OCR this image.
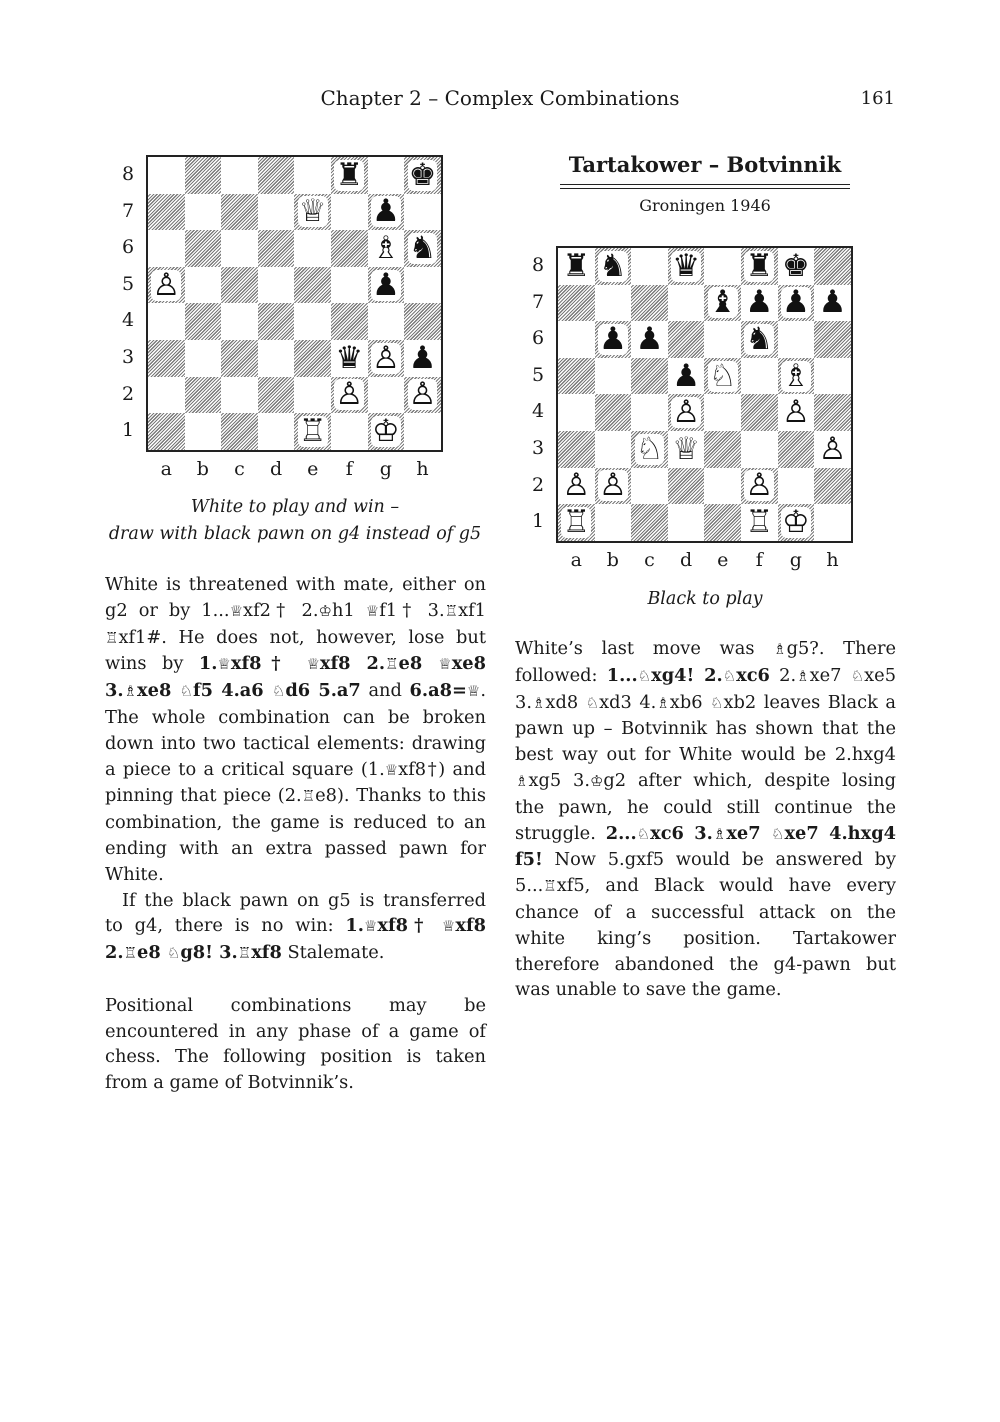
Chapter 2 – Complex Combinations	161
♜ ♚
♕ ♟
♗ ♞
♙	♟
♛ ♙ ♟
♙ ♙
♖ ♔
8
7
6
5
4
3
2
1
a	b	c	d	e	f	g	h
White to play and win –
draw with black pawn on g4 instead of g5
Tartakower – Botvinnik
Groningen 1946
♜ ♞ ♛ ♜ ♚
♝ ♟ ♟ ♟
♟ ♟	♞
♟ ♘ ♗
♙	♙
♘ ♕	♙
♙ ♙	♙
♖	♖ ♔
8
7
6
5
4
3
2
1
a	b	c	d	e	f	g	h
Black to play

White is threatened with mate, either on g2 or by 1...♕xf2† 2.♔h1 ♕f1† 3.♖xf1 ♖xf1#. He does not, however, lose but wins by 1.♕xf8† ♕xf8 2.♖e8 ♕xe8 3.♗xe8 ♘f5 4.a6 ♘d6 5.a7 and 6.a8=♕. The whole combination can be broken down into two tactical elements: drawing a piece to a critical square (1.♕xf8†) and pinning that piece (2.♖e8). Thanks to this combination, the game is reduced to an ending with an extra passed pawn for White.

If the black pawn on g5 is transferred to g4, there is no win: 1.♕xf8† ♕xf8 2.♖e8 ♘g8! 3.♖xf8 Stalemate.

Positional combinations may be encountered in any phase of a game of chess. The following position is taken from a game of Botvinnik’s.

White’s last move was ♗g5?. There followed: 1...♘xg4! 2.♘xc6 2.♗xe7 ♘xe5 3.♗xd8 ♘xd3 4.♗xb6 ♘xb2 leaves Black a pawn up – Botvinnik has shown that the best way out for White would be 2.hxg4 ♗xg5 3.♔g2 after which, despite losing the pawn, he could still continue the struggle. 2...♘xc6 3.♗xe7 ♘xe7 4.hxg4 f5! Now 5.gxf5 would be answered by 5...♖xf5, and Black would have every chance of a successful attack on the white king’s position. Tartakower therefore abandoned the g4-pawn but was unable to save the game.
